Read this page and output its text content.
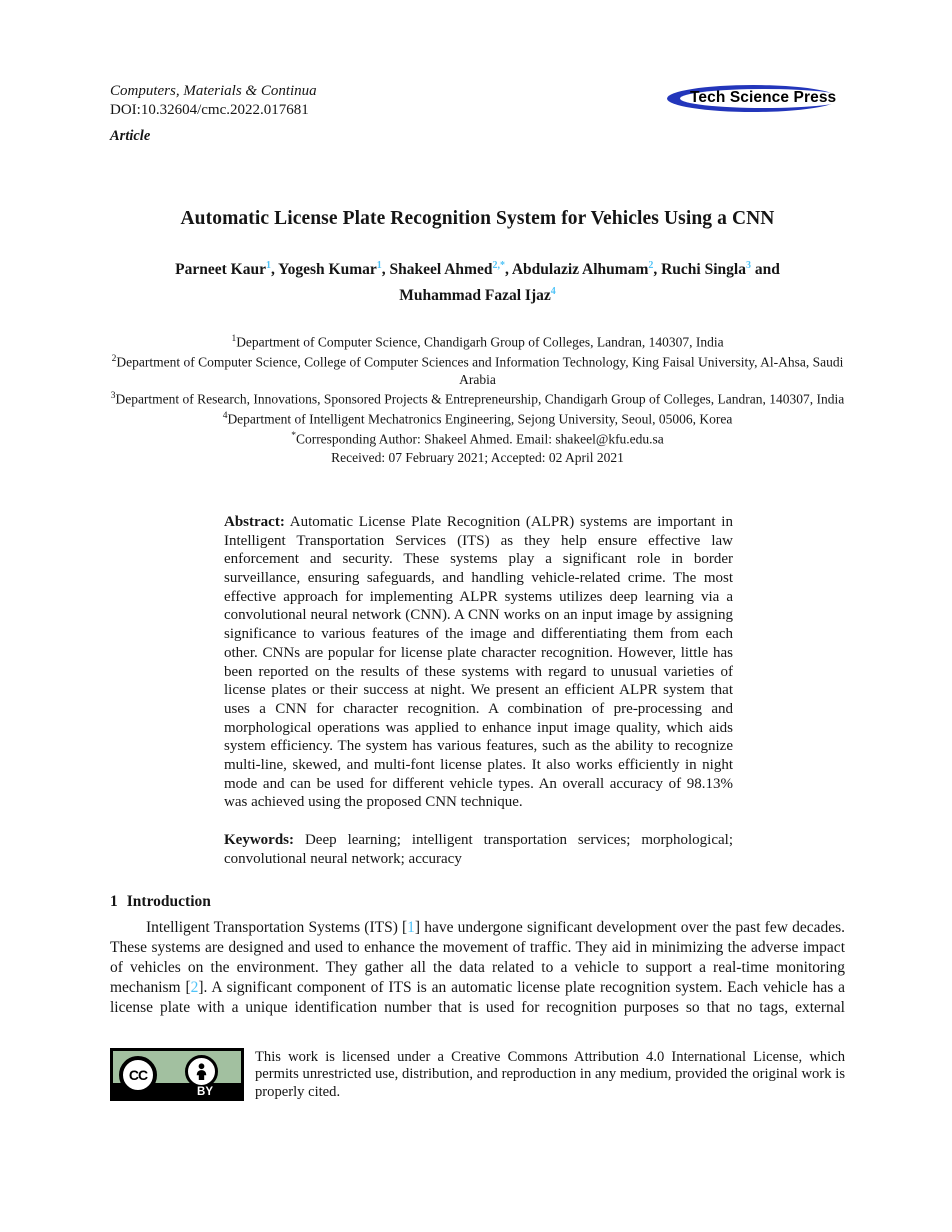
Computers, Materials & Continua
DOI:10.32604/cmc.2022.017681
Article
Tech Science Press
Automatic License Plate Recognition System for Vehicles Using a CNN
Parneet Kaur$^1$, Yogesh Kumar$^1$, Shakeel Ahmed$^{2,*}$, Abdulaziz Alhumam$^2$, Ruchi Singla$^3$ and Muhammad Fazal Ijaz$^4$
$^1$Department of Computer Science, Chandigarh Group of Colleges, Landran, 140307, India
$^2$Department of Computer Science, College of Computer Sciences and Information Technology, King Faisal University, Al-Ahsa, Saudi Arabia
$^3$Department of Research, Innovations, Sponsored Projects & Entrepreneurship, Chandigarh Group of Colleges, Landran, 140307, India
$^4$Department of Intelligent Mechatronics Engineering, Sejong University, Seoul, 05006, Korea
*Corresponding Author: Shakeel Ahmed. Email: shakeel@kfu.edu.sa
Received: 07 February 2021; Accepted: 02 April 2021

Abstract: Automatic License Plate Recognition (ALPR) systems are important in Intelligent Transportation Services (ITS) as they help ensure effective law enforcement and security. These systems play a significant role in border surveillance, ensuring safeguards, and handling vehicle-related crime. The most effective approach for implementing ALPR systems utilizes deep learning via a convolutional neural network (CNN). A CNN works on an input image by assigning significance to various features of the image and differentiating them from each other. CNNs are popular for license plate character recognition. However, little has been reported on the results of these systems with regard to unusual varieties of license plates or their success at night. We present an efficient ALPR system that uses a CNN for character recognition. A combination of pre-processing and morphological operations was applied to enhance input image quality, which aids system efficiency. The system has various features, such as the ability to recognize multi-line, skewed, and multi-font license plates. It also works efficiently in night mode and can be used for different vehicle types. An overall accuracy of 98.13% was achieved using the proposed CNN technique.

Keywords: Deep learning; intelligent transportation services; morphological; convolutional neural network; accuracy

1 Introduction

Intelligent Transportation Systems (ITS) [1] have undergone significant development over the past few decades. These systems are designed and used to enhance the movement of traffic. They aid in minimizing the adverse impact of vehicles on the environment. They gather all the data related to a vehicle to support a real-time monitoring mechanism [2]. A significant component of ITS is an automatic license plate recognition system. Each vehicle has a license plate with a unique identification number that is used for recognition purposes so that no tags, external

CC
BY

This work is licensed under a Creative Commons Attribution 4.0 International License, which permits unrestricted use, distribution, and reproduction in any medium, provided the original work is properly cited.
